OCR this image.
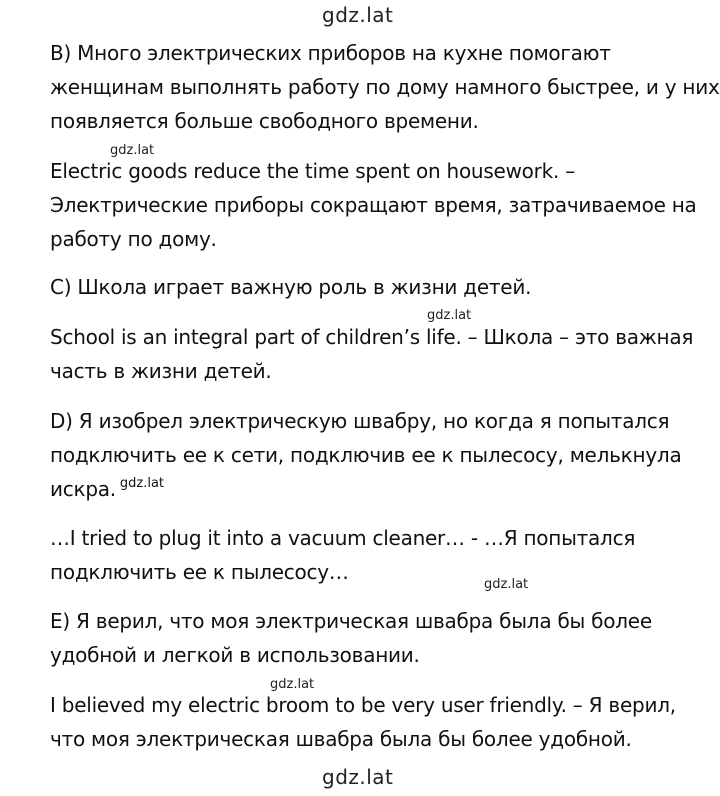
gdz.lat
B) Много электрических приборов на кухне помогают
женщинам выполнять работу по дому намного быстрее, и у них
появляется больше свободного времени.
gdz.lat
Electric goods reduce the time spent on housework. –
Электрические приборы сокращают время, затрачиваемое на
работу по дому.
C) Школа играет важную роль в жизни детей.
gdz.lat
School is an integral part of children’s life. – Школа – это важная
часть в жизни детей.
D) Я изобрел электрическую швабру, но когда я попытался
подключить ее к сети, подключив ее к пылесосу, мелькнула
искра. $^{gdz.lat}$
…I tried to plug it into a vacuum cleaner… - …Я попытался
подключить ее к пылесосу…
gdz.lat
E) Я верил, что моя электрическая швабра была бы более
удобной и легкой в использовании.
gdz.lat
I believed my electric broom to be very user friendly. – Я верил,
что моя электрическая швабра была бы более удобной.
gdz.lat
